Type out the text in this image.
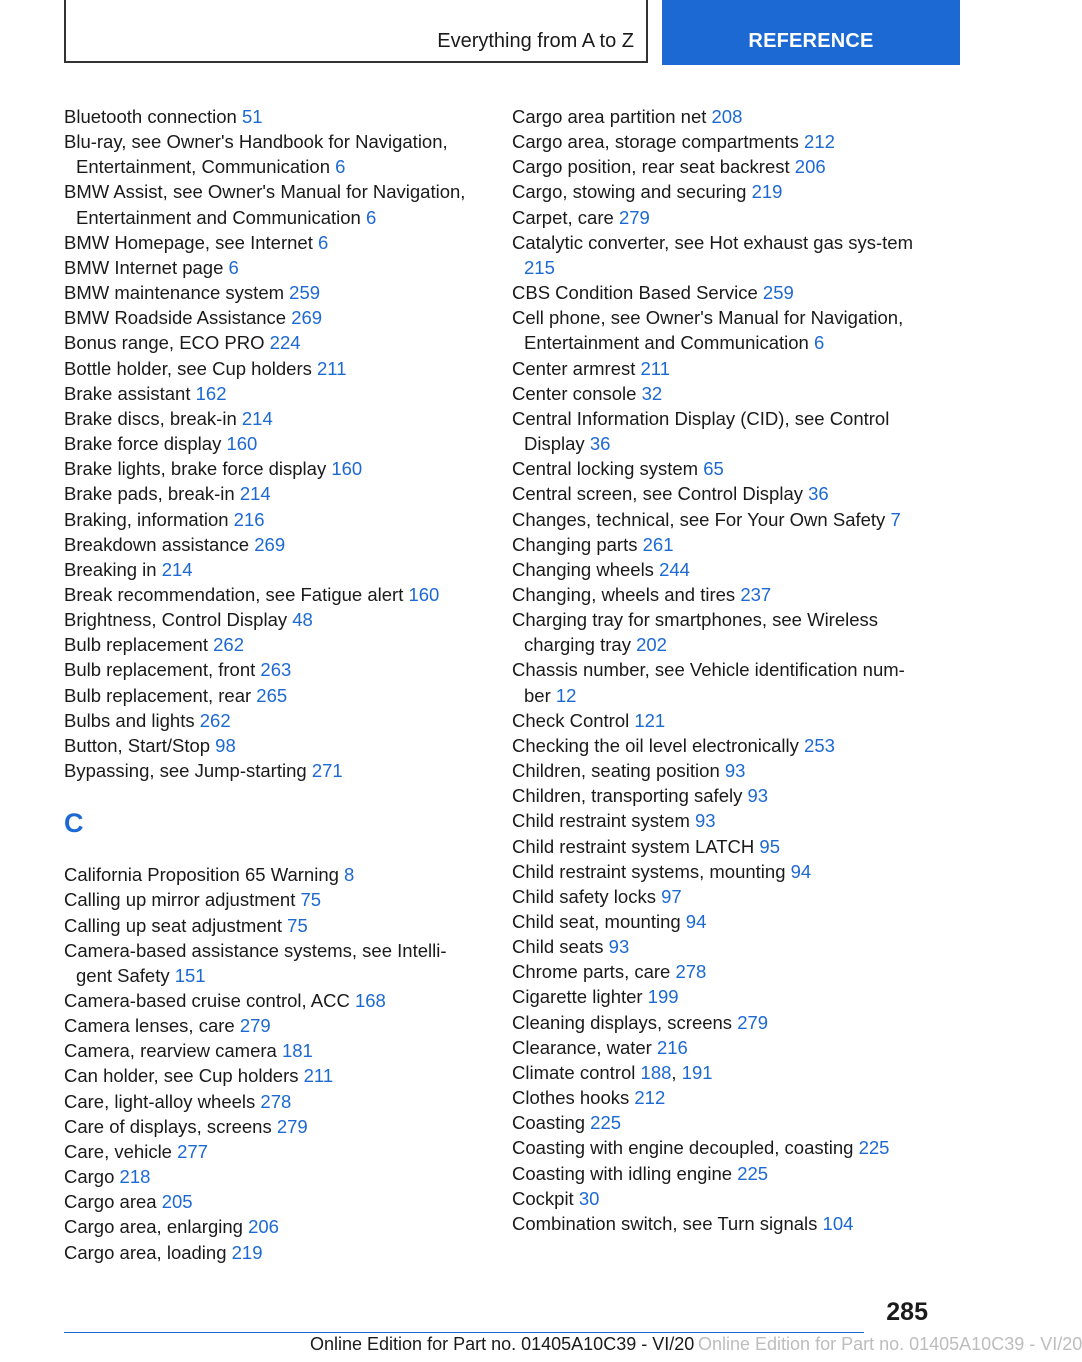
Everything from A to Z	REFERENCE
Bluetooth connection 51
Blu-ray, see Owner's Handbook for Navigation, Entertainment, Communication 6
BMW Assist, see Owner's Manual for Navigation, Entertainment and Communication 6
BMW Homepage, see Internet 6
BMW Internet page 6
BMW maintenance system 259
BMW Roadside Assistance 269
Bonus range, ECO PRO 224
Bottle holder, see Cup holders 211
Brake assistant 162
Brake discs, break-in 214
Brake force display 160
Brake lights, brake force display 160
Brake pads, break-in 214
Braking, information 216
Breakdown assistance 269
Breaking in 214
Break recommendation, see Fatigue alert 160
Brightness, Control Display 48
Bulb replacement 262
Bulb replacement, front 263
Bulb replacement, rear 265
Bulbs and lights 262
Button, Start/Stop 98
Bypassing, see Jump-starting 271
C
California Proposition 65 Warning 8
Calling up mirror adjustment 75
Calling up seat adjustment 75
Camera-based assistance systems, see Intelli-gent Safety 151
Camera-based cruise control, ACC 168
Camera lenses, care 279
Camera, rearview camera 181
Can holder, see Cup holders 211
Care, light-alloy wheels 278
Care of displays, screens 279
Care, vehicle 277
Cargo 218
Cargo area 205
Cargo area, enlarging 206
Cargo area, loading 219
Cargo area partition net 208
Cargo area, storage compartments 212
Cargo position, rear seat backrest 206
Cargo, stowing and securing 219
Carpet, care 279
Catalytic converter, see Hot exhaust gas sys-tem 215
CBS Condition Based Service 259
Cell phone, see Owner's Manual for Navigation, Entertainment and Communication 6
Center armrest 211
Center console 32
Central Information Display (CID), see Control Display 36
Central locking system 65
Central screen, see Control Display 36
Changes, technical, see For Your Own Safety 7
Changing parts 261
Changing wheels 244
Changing, wheels and tires 237
Charging tray for smartphones, see Wireless charging tray 202
Chassis number, see Vehicle identification num-ber 12
Check Control 121
Checking the oil level electronically 253
Children, seating position 93
Children, transporting safely 93
Child restraint system 93
Child restraint system LATCH 95
Child restraint systems, mounting 94
Child safety locks 97
Child seat, mounting 94
Child seats 93
Chrome parts, care 278
Cigarette lighter 199
Cleaning displays, screens 279
Clearance, water 216
Climate control 188, 191
Clothes hooks 212
Coasting 225
Coasting with engine decoupled, coasting 225
Coasting with idling engine 225
Cockpit 30
Combination switch, see Turn signals 104
285
Online Edition for Part no. 01405A10C39 - VI/20 Online Edition for Part no. 01405A10C39 - VI/20
